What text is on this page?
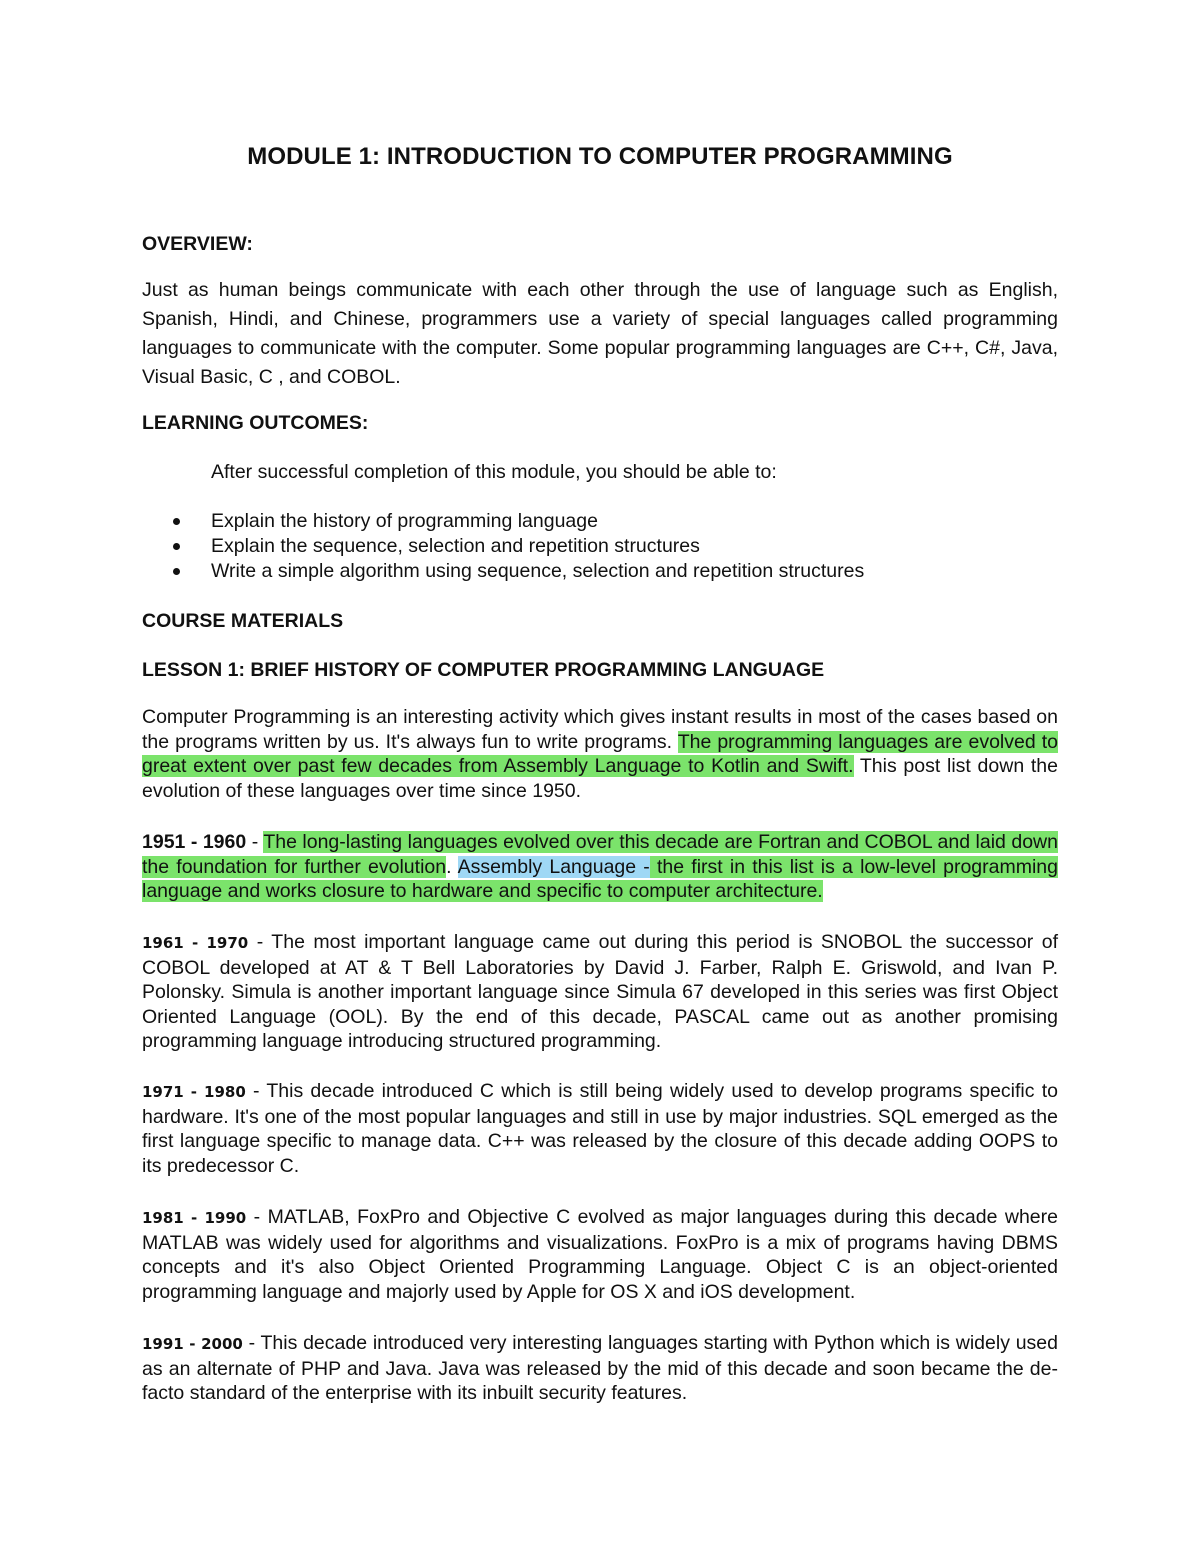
MODULE 1: INTRODUCTION TO COMPUTER PROGRAMMING
OVERVIEW:

Just as human beings communicate with each other through the use of language such as English, Spanish, Hindi, and Chinese, programmers use a variety of special languages called programming languages to communicate with the computer. Some popular programming languages are C++, C#, Java, Visual Basic, C , and COBOL.

LEARNING OUTCOMES:
After successful completion of this module, you should be able to:
Explain the history of programming language
Explain the sequence, selection and repetition structures
Write a simple algorithm using sequence, selection and repetition structures
COURSE MATERIALS
LESSON 1: BRIEF HISTORY OF COMPUTER PROGRAMMING LANGUAGE

Computer Programming is an interesting activity which gives instant results in most of the cases based on the programs written by us. It's always fun to write programs. The programming languages are evolved to great extent over past few decades from Assembly Language to Kotlin and Swift. This post list down the evolution of these languages over time since 1950.

1951 - 1960 - The long-lasting languages evolved over this decade are Fortran and COBOL and laid down the foundation for further evolution. Assembly Language - the first in this list is a low-level programming language and works closure to hardware and specific to computer architecture.

1961 - 1970 - The most important language came out during this period is SNOBOL the successor of COBOL developed at AT & T Bell Laboratories by David J. Farber, Ralph E. Griswold, and Ivan P. Polonsky. Simula is another important language since Simula 67 developed in this series was first Object Oriented Language (OOL). By the end of this decade, PASCAL came out as another promising programming language introducing structured programming.

1971 - 1980 - This decade introduced C which is still being widely used to develop programs specific to hardware. It's one of the most popular languages and still in use by major industries. SQL emerged as the first language specific to manage data. C++ was released by the closure of this decade adding OOPS to its predecessor C.

1981 - 1990 - MATLAB, FoxPro and Objective C evolved as major languages during this decade where MATLAB was widely used for algorithms and visualizations. FoxPro is a mix of programs having DBMS concepts and it's also Object Oriented Programming Language. Object C is an object-oriented programming language and majorly used by Apple for OS X and iOS development.

1991 - 2000 - This decade introduced very interesting languages starting with Python which is widely used as an alternate of PHP and Java. Java was released by the mid of this decade and soon became the de-facto standard of the enterprise with its inbuilt security features.
